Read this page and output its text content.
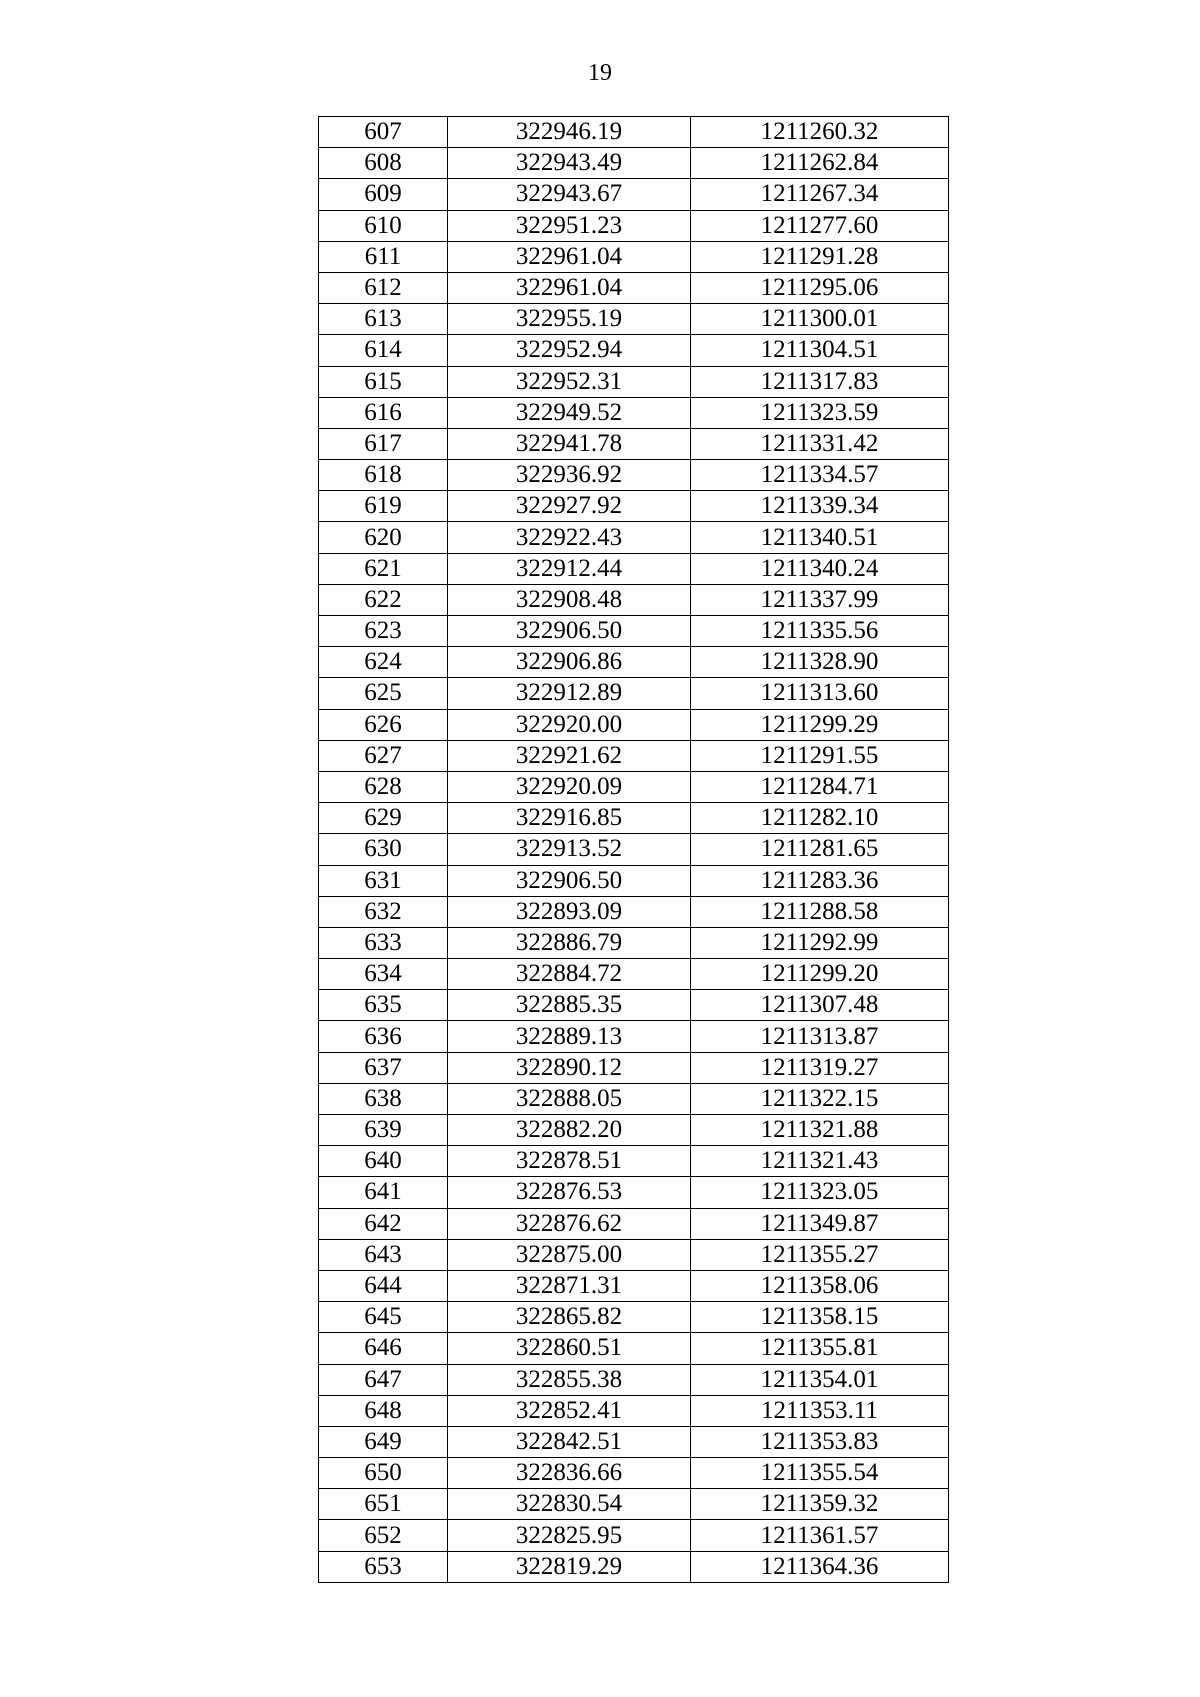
19
607	322946.19	1211260.32
608	322943.49	1211262.84
609	322943.67	1211267.34
610	322951.23	1211277.60
611	322961.04	1211291.28
612	322961.04	1211295.06
613	322955.19	1211300.01
614	322952.94	1211304.51
615	322952.31	1211317.83
616	322949.52	1211323.59
617	322941.78	1211331.42
618	322936.92	1211334.57
619	322927.92	1211339.34
620	322922.43	1211340.51
621	322912.44	1211340.24
622	322908.48	1211337.99
623	322906.50	1211335.56
624	322906.86	1211328.90
625	322912.89	1211313.60
626	322920.00	1211299.29
627	322921.62	1211291.55
628	322920.09	1211284.71
629	322916.85	1211282.10
630	322913.52	1211281.65
631	322906.50	1211283.36
632	322893.09	1211288.58
633	322886.79	1211292.99
634	322884.72	1211299.20
635	322885.35	1211307.48
636	322889.13	1211313.87
637	322890.12	1211319.27
638	322888.05	1211322.15
639	322882.20	1211321.88
640	322878.51	1211321.43
641	322876.53	1211323.05
642	322876.62	1211349.87
643	322875.00	1211355.27
644	322871.31	1211358.06
645	322865.82	1211358.15
646	322860.51	1211355.81
647	322855.38	1211354.01
648	322852.41	1211353.11
649	322842.51	1211353.83
650	322836.66	1211355.54
651	322830.54	1211359.32
652	322825.95	1211361.57
653	322819.29	1211364.36
